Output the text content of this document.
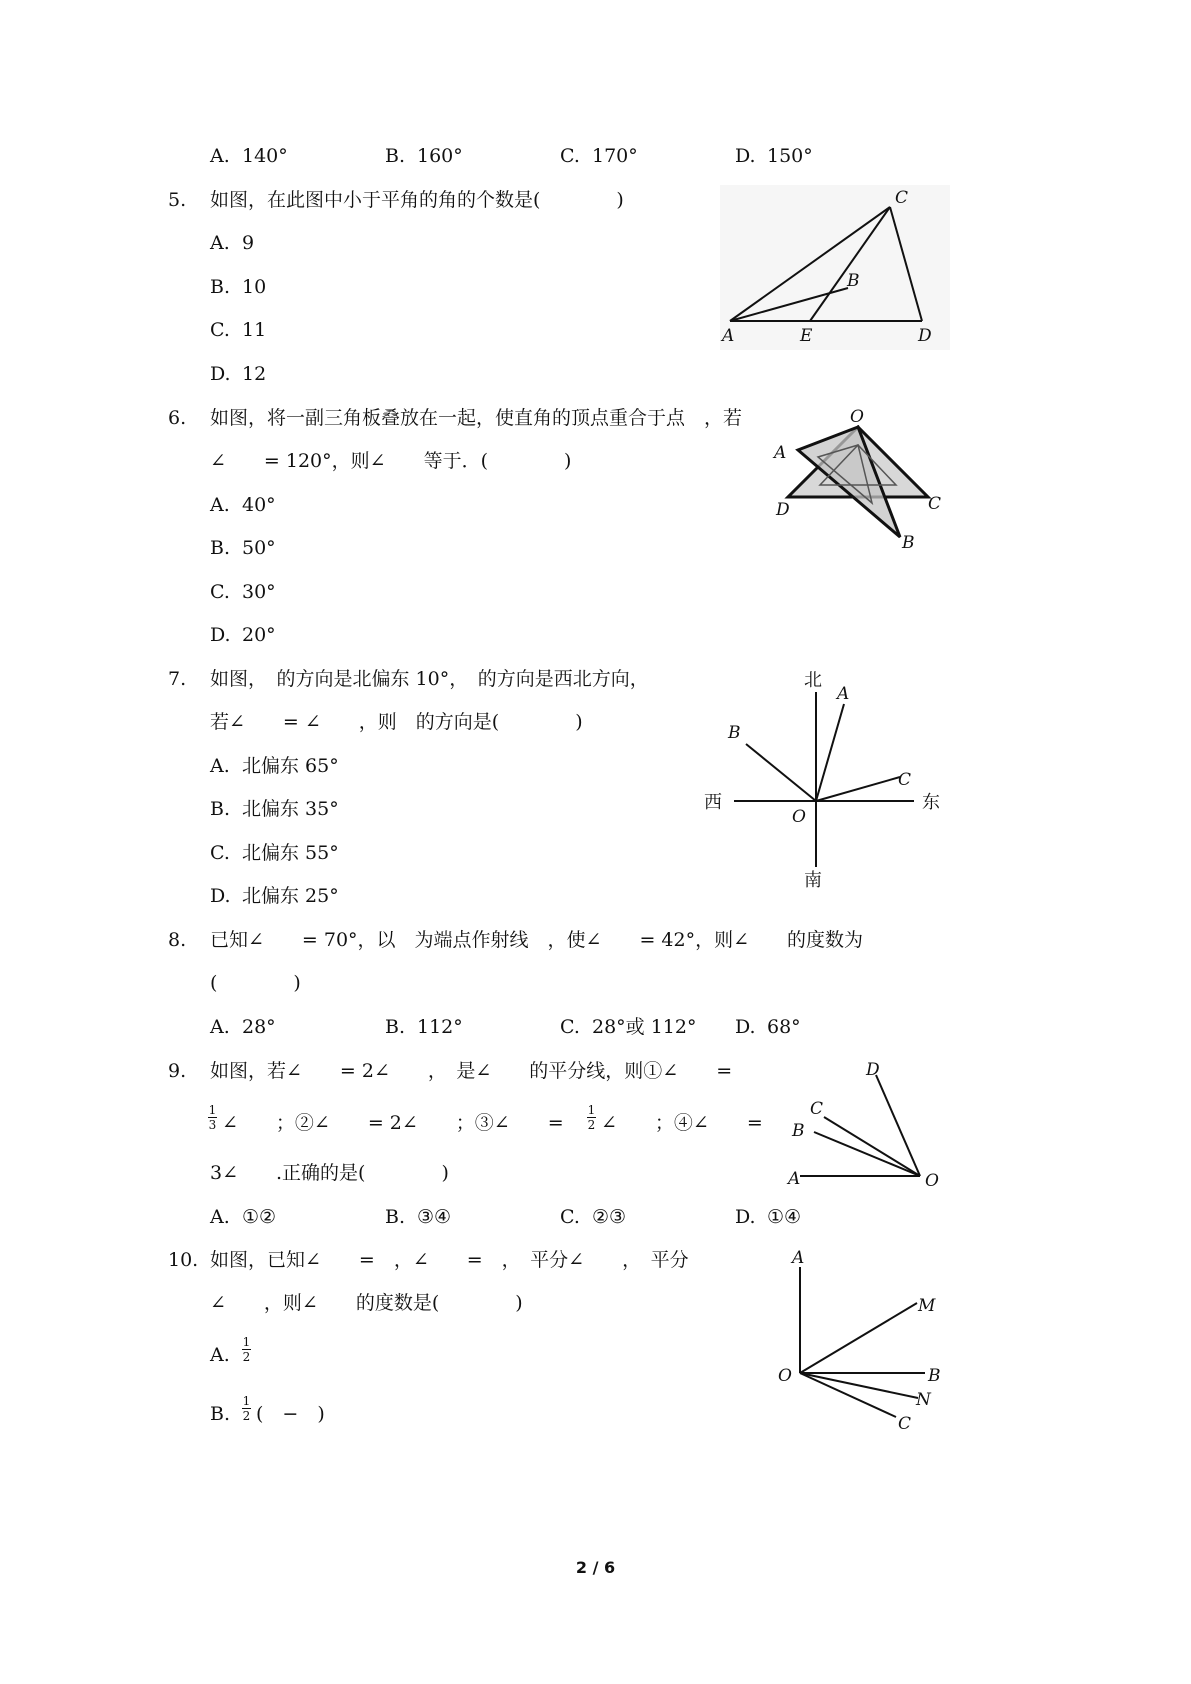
A. 140°	B. 160°	C. 170°	D. 150°
5. 如图，在此图中小于平角的角的个数是(　　　　)
A. 9
B. 10
C. 11
D. 12
C
B
A	E	D
6. 如图，将一副三角板叠放在一起，使直角的顶点重合于点　，若
∠　　= 120°，则∠　　等于．(　　　　)
A. 40°
B. 50°
C. 30°
D. 20°
O
A
D	C
B
7. 如图，　的方向是北偏东 10°，　的方向是西北方向，
若∠　　= ∠　　，则　的方向是(　　　　)
A. 北偏东 65°
B. 北偏东 35°
C. 北偏东 55°
D. 北偏东 25°
北
南
西	东
A
B
C
O
8. 已知∠　　= 70°，以　为端点作射线　，使∠　　= 42°，则∠　　的度数为
(　　　　)
A. 28°	B. 112°	C. 28°或 112° D. 68°
9. 如图，若∠　　= 2∠　　，　是∠　　的平分线，则①∠　　=
1
3 ∠　　；②∠　　= 2∠　　；③∠　　=
1
2 ∠　　；④∠　　=
3∠　　.正确的是(　　　　)
A. ①②	B. ③④	C. ②③	D. ①④
D
C
B
A	O
10. 如图，已知∠　　=　，∠　　=　，　平分∠　　，　平分
∠　　，则∠　　的度数是(　　　　)
A.
1
2
B.
1
2 (　−　)
A
M
O	B
N
C
2 / 6
